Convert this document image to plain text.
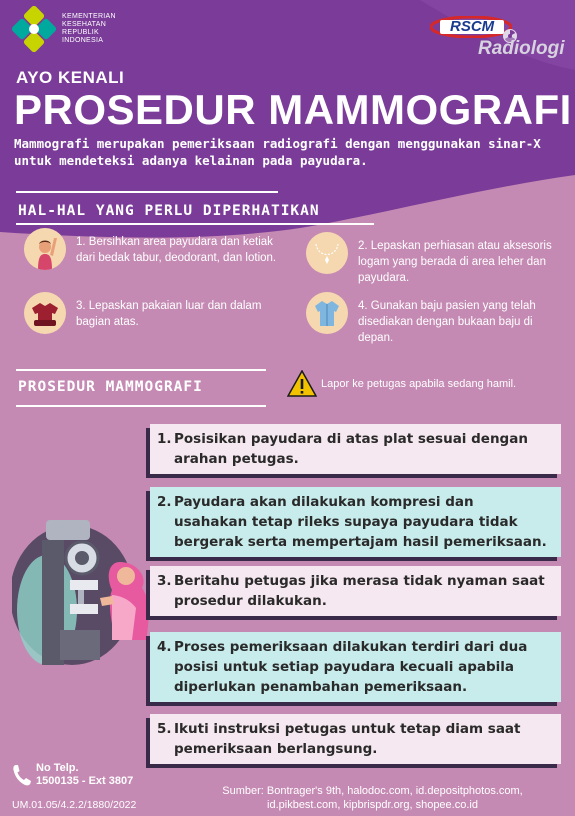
KEMENTERIAN KESEHATAN REPUBLIK INDONESIA
RSCM
Radiologi
AYO KENALI
PROSEDUR MAMMOGRAFI
Mammografi merupakan pemeriksaan radiografi dengan menggunakan sinar-X untuk mendeteksi adanya kelainan pada payudara.
HAL-HAL YANG PERLU DIPERHATIKAN
1. Bersihkan area payudara dan ketiak dari bedak tabur, deodorant, dan lotion.
2. Lepaskan perhiasan atau aksesoris logam yang berada di area leher dan payudara.
3. Lepaskan pakaian luar dan dalam bagian atas.
4. Gunakan baju pasien yang telah disediakan dengan bukaan baju di depan.
PROSEDUR MAMMOGRAFI	Lapor ke petugas apabila sedang hamil.
1. Posisikan payudara di atas plat sesuai dengan arahan petugas.
2. Payudara akan dilakukan kompresi dan usahakan tetap rileks supaya payudara tidak bergerak serta mempertajam hasil pemeriksaan.
3. Beritahu petugas jika merasa tidak nyaman saat prosedur dilakukan.
4. Proses pemeriksaan dilakukan terdiri dari dua posisi untuk setiap payudara kecuali apabila diperlukan penambahan pemeriksaan.
5. Ikuti instruksi petugas untuk tetap diam saat pemeriksaan berlangsung.
No Telp.
1500135 - Ext 3807
UM.01.05/4.2.2/1880/2022
Sumber: Bontrager's 9th, halodoc.com, id.depositphotos.com,
id.pikbest.com, kipbrispdr.org, shopee.co.id
